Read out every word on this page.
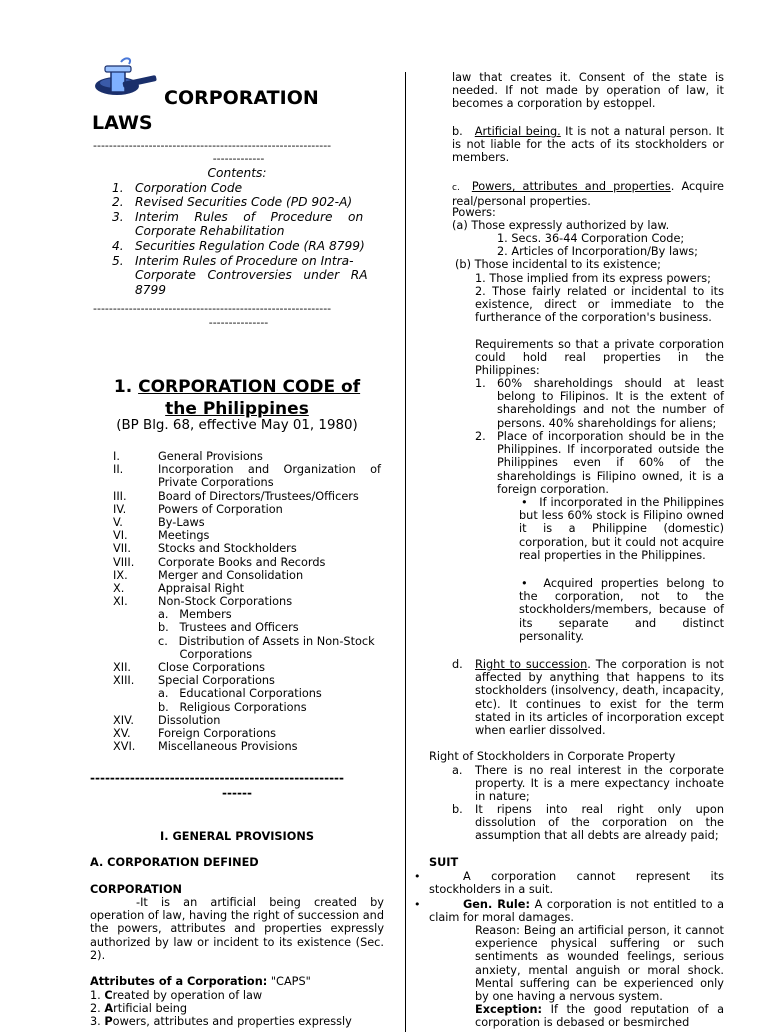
CORPORATION
LAWS
------------------------------------------------------------
-------------
Contents:
1. Corporation Code
2. Revised Securities Code (PD 902-A)
3. Interim    Rules    of    Procedure    on
Corporate Rehabilitation
4. Securities Regulation Code (RA 8799)
5. Interim Rules of Procedure on Intra-
Corporate   Controversies   under   RA
8799
------------------------------------------------------------
---------------
1. CORPORATION CODE of
the Philippines
(BP Blg. 68, effective May 01, 1980)
I.	General Provisions
II.	Incorporation    and    Organization    of
Private Corporations
III.	Board of Directors/Trustees/Officers
IV.	Powers of Corporation
V.	By-Laws
VI.	Meetings
VII. Stocks and Stockholders
VIII. Corporate Books and Records
IX.	Merger and Consolidation
X.	Appraisal Right
XI.	Non-Stock Corporations
a.   Members
b.   Trustees and Officers
c.   Distribution of Assets in Non-Stock
Corporations
XII. Close Corporations
XIII. Special Corporations
a.   Educational Corporations
b.   Religious Corporations
XIV. Dissolution
XV. Foreign Corporations
XVI. Miscellaneous Provisions
---------------------------------------------------
------
I. GENERAL PROVISIONS
A. CORPORATION DEFINED
CORPORATION
-It is an artificial being created by operation of law, having the right of succession and the powers, attributes and properties expressly authorized by law or incident to its existence (Sec. 2).
Attributes of a Corporation: "CAPS"
1. Created by operation of law
2. Artificial being
3. Powers, attributes and properties expressly
law that creates it. Consent of the state is needed. If not made by operation of law, it becomes a corporation by estoppel.
b. Artificial being. It is not a natural person. It is not liable for the acts of its stockholders or members.
c. Powers, attributes and properties. Acquire real/personal properties.
Powers:
(a) Those expressly authorized by law.
1. Secs. 36-44 Corporation Code;
2. Articles of Incorporation/By laws;
(b) Those incidental to its existence;
1. Those implied from its express powers;
2. Those fairly related or incidental to its existence, direct or immediate to the furtherance of the corporation's business.
Requirements so that a private corporation could hold real properties in the Philippines:
1. 60% shareholdings should at least belong to Filipinos. It is the extent of shareholdings and not the number of persons. 40% shareholdings for aliens;
2. Place of incorporation should be in the Philippines. If incorporated outside the Philippines even if 60% of the shareholdings is Filipino owned, it is a foreign corporation.
•   If incorporated in the Philippines but less 60% stock is Filipino owned it is a Philippine (domestic) corporation, but it could not acquire real properties in the Philippines.
•  Acquired properties belong to the corporation, not to the stockholders/members, because of its separate and distinct personality.
d. Right to succession. The corporation is not affected by anything that happens to its stockholders (insolvency, death, incapacity, etc). It continues to exist for the term stated in its articles of incorporation except when earlier dissolved.
Right of Stockholders in Corporate Property
a. There is no real interest in the corporate property. It is a mere expectancy inchoate in nature;
b. It ripens into real right only upon dissolution of the corporation on the assumption that all debts are already paid;
SUIT
•	A corporation cannot represent its stockholders in a suit.
•	Gen. Rule: A corporation is not entitled to a claim for moral damages.
Reason: Being an artificial person, it cannot experience physical suffering or such sentiments as wounded feelings, serious anxiety, mental anguish or moral shock. Mental suffering can be experienced only by one having a nervous system.
Exception: If the good reputation of a corporation is debased or besmirched
